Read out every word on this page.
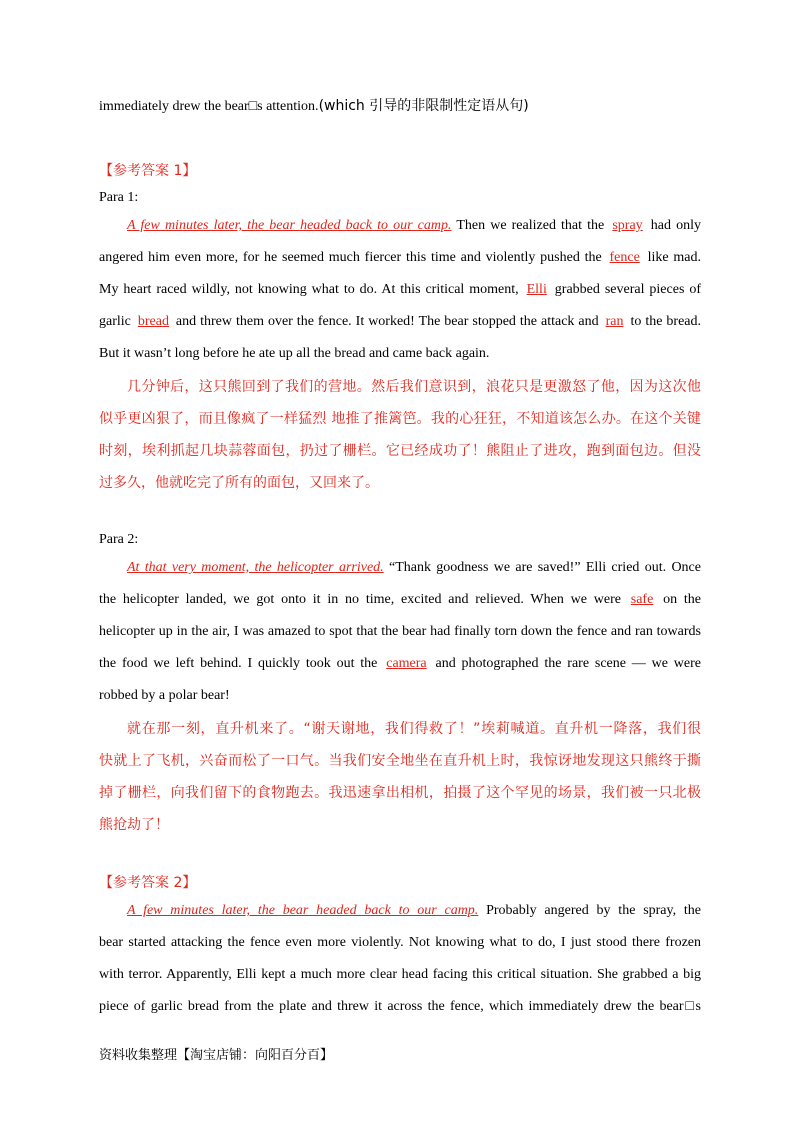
immediately drew the bear□s attention.(which 引导的非限制性定语从句)
【参考答案 1】
Para 1:
A few minutes later, the bear headed back to our camp. Then we realized that the spray had only
angered him even more, for he seemed much fiercer this time and violently pushed the fence like mad.
My heart raced wildly, not knowing what to do. At this critical moment, Elli grabbed several pieces of
garlic bread and threw them over the fence. It worked! The bear stopped the attack and ran to the bread.
But it wasn’t long before he ate up all the bread and came back again.
几分钟后，这只熊回到了我们的营地。然后我们意识到，浪花只是更激怒了他，因为这次他
似乎更凶狠了，而且像疯了一样猛烈 地推了推篱笆。我的心狂狂，不知道该怎么办。在这个关键
时刻，埃利抓起几块蒜蓉面包，扔过了栅栏。它已经成功了！熊阻止了进攻，跑到面包边。但没
过多久，他就吃完了所有的面包，又回来了。
Para 2:
At that very moment, the helicopter arrived. “Thank goodness we are saved!” Elli cried out. Once
the helicopter landed, we got onto it in no time, excited and relieved. When we were safe on the
helicopter up in the air, I was amazed to spot that the bear had finally torn down the fence and ran towards
the food we left behind. I quickly took out the camera and photographed the rare scene — we were
robbed by a polar bear!
就在那一刻，直升机来了。“谢天谢地，我们得救了！”埃莉喊道。直升机一降落，我们很
快就上了飞机，兴奋而松了一口气。当我们安全地坐在直升机上时，我惊讶地发现这只熊终于撕
掉了栅栏，向我们留下的食物跑去。我迅速拿出相机，拍摄了这个罕见的场景，我们被一只北极
熊抢劫了！
【参考答案 2】
A few minutes later, the bear headed back to our camp. Probably angered by the spray, the
bear started attacking the fence even more violently. Not knowing what to do, I just stood there frozen
with terror. Apparently, Elli kept a much more clear head facing this critical situation. She grabbed a big
piece of garlic bread from the plate and threw it across the fence, which immediately drew the bear□s
资料收集整理【淘宝店铺：向阳百分百】
